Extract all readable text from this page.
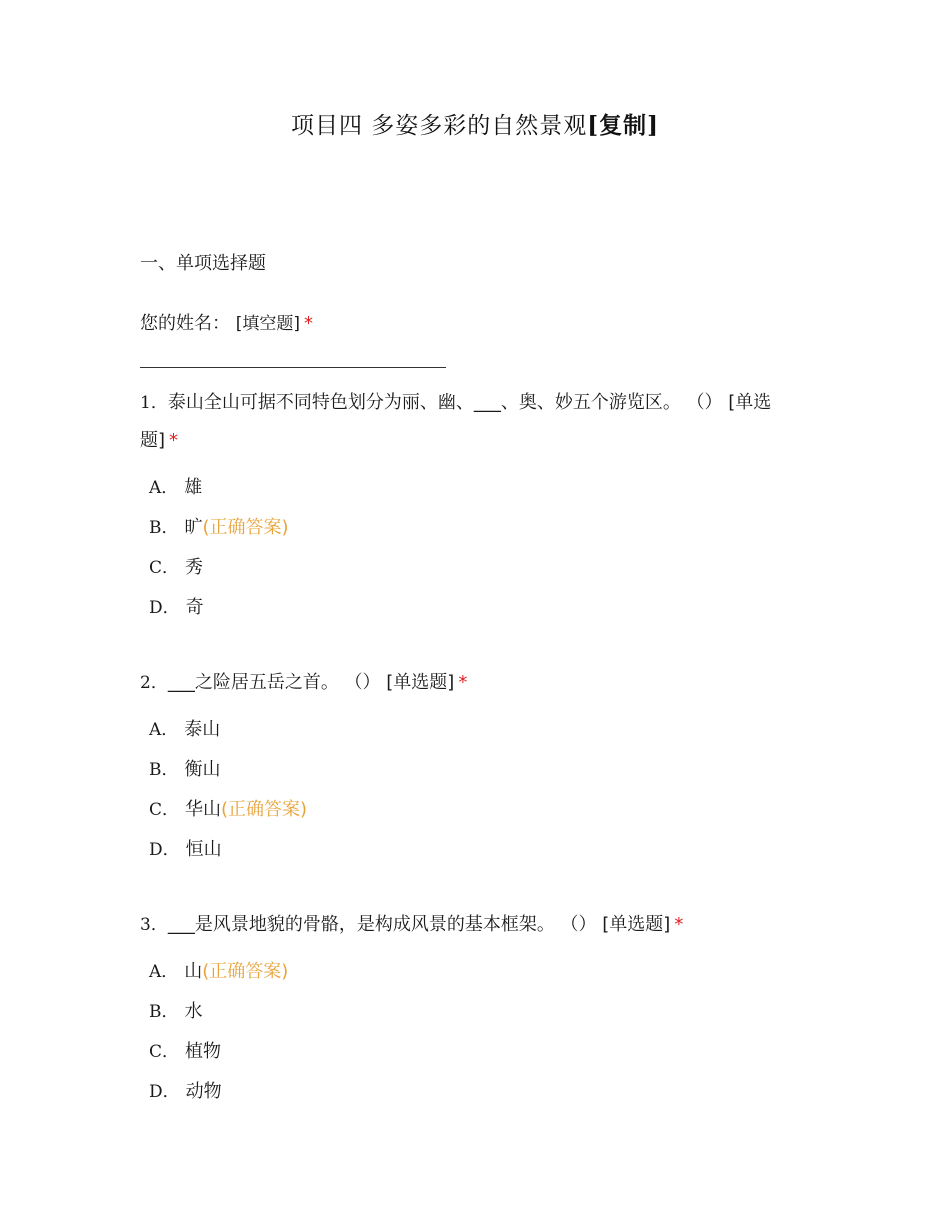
项目四 多姿多彩的自然景观[复制]
一、单项选择题
您的姓名： [填空题] *
1．泰山全山可据不同特色划分为丽、幽、___、奥、妙五个游览区。 （） [单选
题] *
A． 雄
B． 旷(正确答案)
C． 秀
D． 奇
2．___之险居五岳之首。 （） [单选题] *
A． 泰山
B． 衡山
C． 华山(正确答案)
D． 恒山
3．___是风景地貌的骨骼，是构成风景的基本框架。 （） [单选题] *
A． 山(正确答案)
B． 水
C． 植物
D． 动物
